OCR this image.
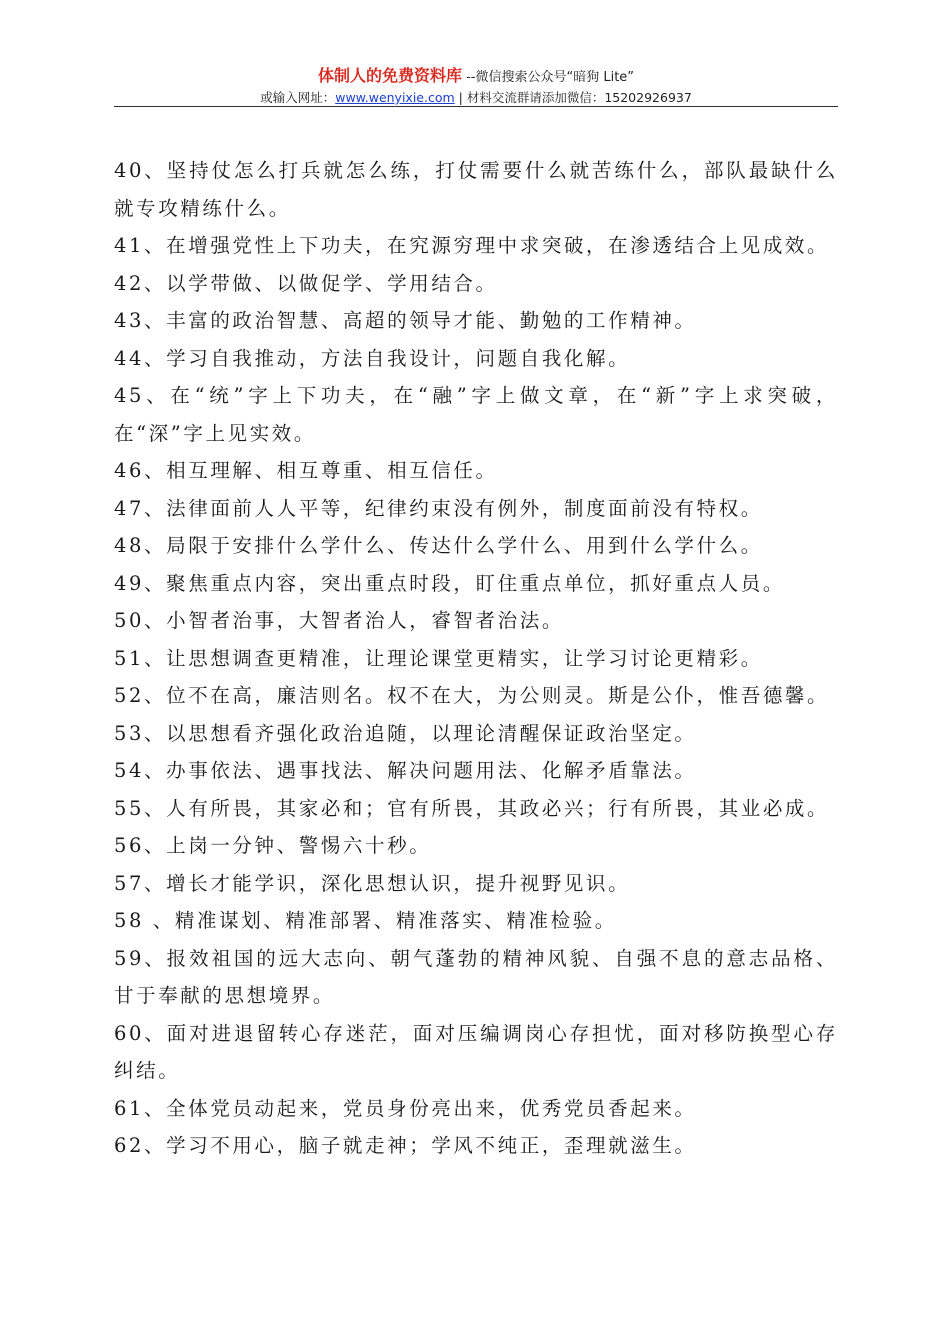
体制人的免费资料库 --微信搜索公众号“暗狗 Lite”
或输入网址：www.wenyixie.com | 材料交流群请添加微信：15202926937

40、坚持仗怎么打兵就怎么练，打仗需要什么就苦练什么，部队最缺什么就专攻精练什么。

41、在增强党性上下功夫，在究源穷理中求突破，在渗透结合上见成效。

42、以学带做、以做促学、学用结合。

43、丰富的政治智慧、高超的领导才能、勤勉的工作精神。

44、学习自我推动，方法自我设计，问题自我化解。

45、在“统”字上下功夫，在“融”字上做文章，在“新”字上求突破，在“深”字上见实效。

46、相互理解、相互尊重、相互信任。

47、法律面前人人平等，纪律约束没有例外，制度面前没有特权。

48、局限于安排什么学什么、传达什么学什么、用到什么学什么。

49、聚焦重点内容，突出重点时段，盯住重点单位，抓好重点人员。

50、小智者治事，大智者治人，睿智者治法。

51、让思想调查更精准，让理论课堂更精实，让学习讨论更精彩。

52、位不在高，廉洁则名。权不在大，为公则灵。斯是公仆，惟吾德馨。

53、以思想看齐强化政治追随，以理论清醒保证政治坚定。

54、办事依法、遇事找法、解决问题用法、化解矛盾靠法。

55、人有所畏，其家必和；官有所畏，其政必兴；行有所畏，其业必成。

56、上岗一分钟、警惕六十秒。

57、增长才能学识，深化思想认识，提升视野见识。

58 、精准谋划、精准部署、精准落实、精准检验。

59、报效祖国的远大志向、朝气蓬勃的精神风貌、自强不息的意志品格、甘于奉献的思想境界。

60、面对进退留转心存迷茫，面对压编调岗心存担忧，面对移防换型心存纠结。

61、全体党员动起来，党员身份亮出来，优秀党员香起来。

62、学习不用心，脑子就走神；学风不纯正，歪理就滋生。
